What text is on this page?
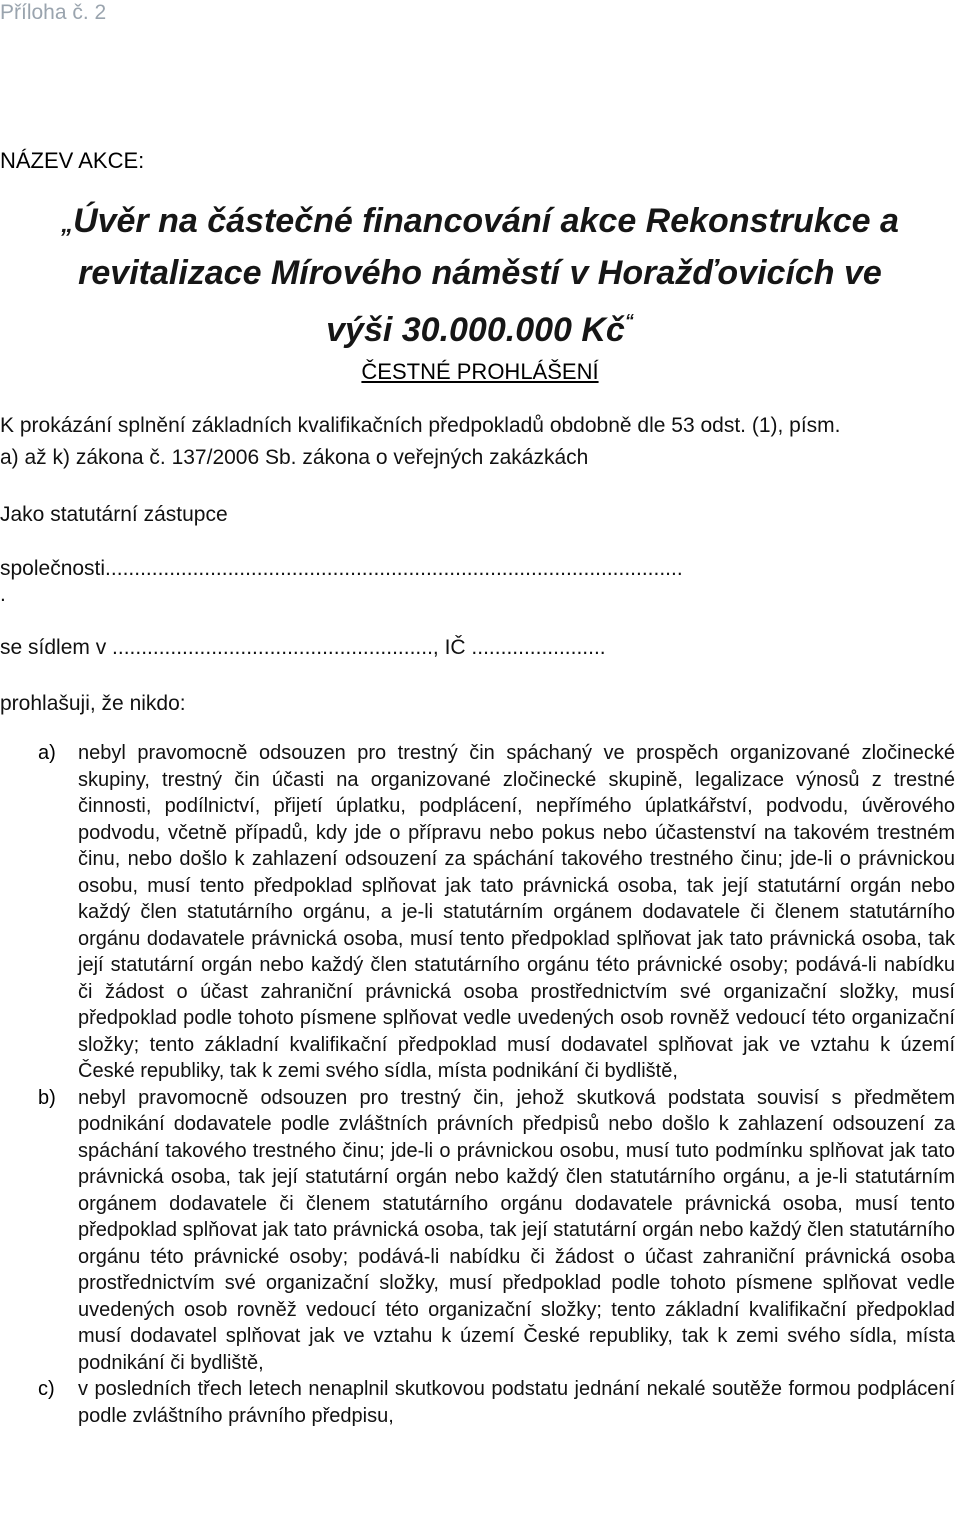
Příloha č. 2
NÁZEV AKCE:
„Úvěr na částečné financování akce Rekonstrukce a
revitalizace Mírového náměstí v Horažďovicích ve
výši 30.000.000 Kč“
ČESTNÉ PROHLÁŠENÍ
K prokázání splnění základních kvalifikačních předpokladů obdobně dle 53 odst. (1), písm.
a) až k) zákona č. 137/2006 Sb. zákona o veřejných zakázkách
Jako statutární zástupce
společnosti...................................................................................................
.
se sídlem v ......................................................., IČ .......................
prohlašuji, že nikdo:
a) nebyl pravomocně odsouzen pro trestný čin spáchaný ve prospěch organizované zločinecké skupiny, trestný čin účasti na organizované zločinecké skupině, legalizace výnosů z trestné činnosti, podílnictví, přijetí úplatku, podplácení, nepřímého úplatkářství, podvodu, úvěrového podvodu, včetně případů, kdy jde o přípravu nebo pokus nebo účastenství na takovém trestném činu, nebo došlo k zahlazení odsouzení za spáchání takového trestného činu; jde-li o právnickou osobu, musí tento předpoklad splňovat jak tato právnická osoba, tak její statutární orgán nebo každý člen statutárního orgánu, a je-li statutárním orgánem dodavatele či členem statutárního orgánu dodavatele právnická osoba, musí tento předpoklad splňovat jak tato právnická osoba, tak její statutární orgán nebo každý člen statutárního orgánu této právnické osoby; podává-li nabídku či žádost o účast zahraniční právnická osoba prostřednictvím své organizační složky, musí předpoklad podle tohoto písmene splňovat vedle uvedených osob rovněž vedoucí této organizační složky; tento základní kvalifikační předpoklad musí dodavatel splňovat jak ve vztahu k území České republiky, tak k zemi svého sídla, místa podnikání či bydliště,

b) nebyl pravomocně odsouzen pro trestný čin, jehož skutková podstata souvisí s předmětem podnikání dodavatele podle zvláštních právních předpisů nebo došlo k zahlazení odsouzení za spáchání takového trestného činu; jde-li o právnickou osobu, musí tuto podmínku splňovat jak tato právnická osoba, tak její statutární orgán nebo každý člen statutárního orgánu, a je-li statutárním orgánem dodavatele či členem statutárního orgánu dodavatele právnická osoba, musí tento předpoklad splňovat jak tato právnická osoba, tak její statutární orgán nebo každý člen statutárního orgánu této právnické osoby; podává-li nabídku či žádost o účast zahraniční právnická osoba prostřednictvím své organizační složky, musí předpoklad podle tohoto písmene splňovat vedle uvedených osob rovněž vedoucí této organizační složky; tento základní kvalifikační předpoklad musí dodavatel splňovat jak ve vztahu k území České republiky, tak k zemi svého sídla, místa podnikání či bydliště,

c) v posledních třech letech nenaplnil skutkovou podstatu jednání nekalé soutěže formou podplácení podle zvláštního právního předpisu,
